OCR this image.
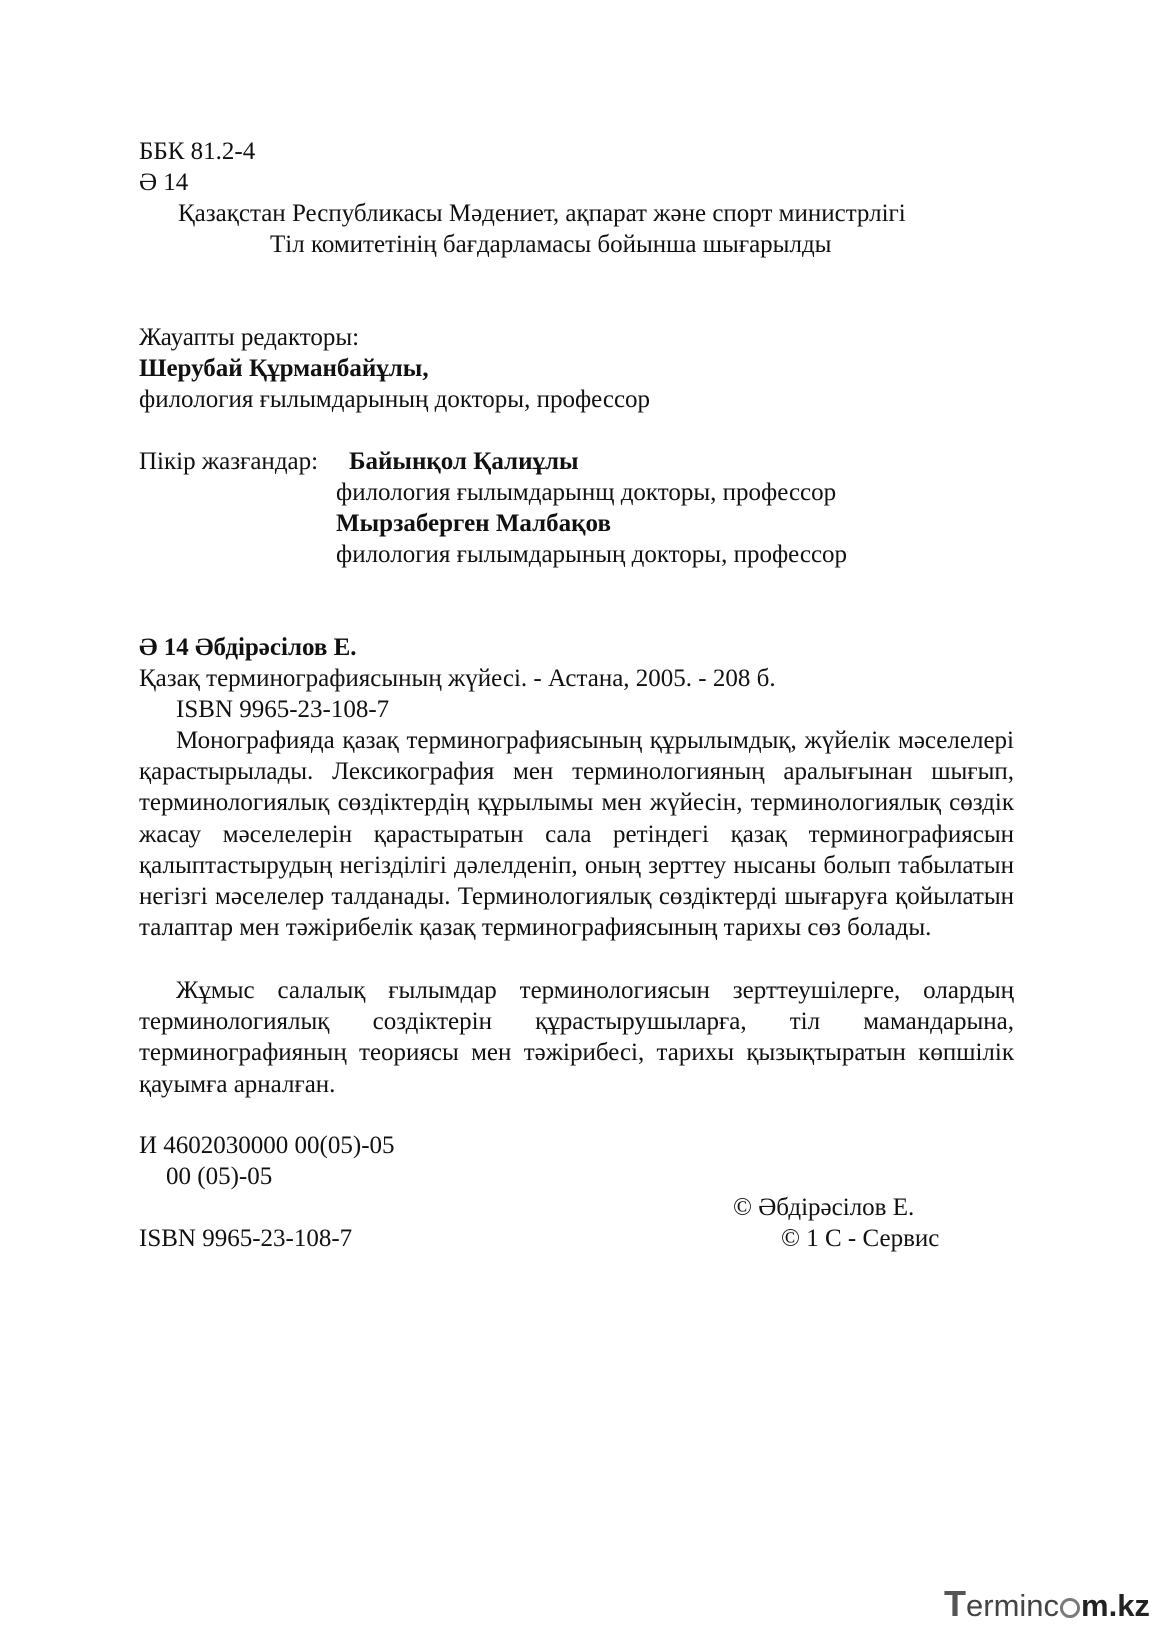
ББК 81.2-4
Ә 14
Қазақстан Республикасы Мәдениет, ақпарат және спорт министрлігі
Тіл комитетінің бағдарламасы бойынша шығарылды
Жауапты редакторы:
Шерубай Құрманбайұлы,
филология ғылымдарының докторы, профессор
Пікір жазғандар: Байынқол Қалиұлы
филология ғылымдарынщ докторы, профессор
Мырзаберген Малбақов
филология ғылымдарының докторы, профессор
Ә 14 Әбдірәсілов Е.
Қазақ терминографиясының жүйесі. - Астана, 2005. - 208 б.
ISBN 9965-23-108-7

Монографияда қазақ терминографиясының құрылымдық, жүйелік мәселелері қарастырылады. Лексикография мен терминологияның аралығынан шығып, терминологиялық сөздіктердің құрылымы мен жүйесін, терминологиялық сөздік жасау мәселелерін қарастыратын сала ретіндегі қазақ терминографиясын қалыптастырудың негізділігі дәлелденіп, оның зерттеу нысаны болып табылатын негізгі мәселелер талданады. Терминологиялық сөздіктерді шығаруға қойылатын талаптар мен тәжірибелік қазақ терминографиясының тарихы сөз болады.

Жұмыс салалық ғылымдар терминологиясын зерттеушілерге, олардың терминологиялық создіктерін құрастырушыларға, тіл мамандарына, терминографияның теориясы мен тәжірибесі, тарихы қызықтыратын көпшілік қауымға арналған.

И 4602030000 00(05)-05
00 (05)-05
© Әбдірәсілов Е.
ISBN 9965-23-108-7	© 1 С - Сервис
Terminc m.kz
